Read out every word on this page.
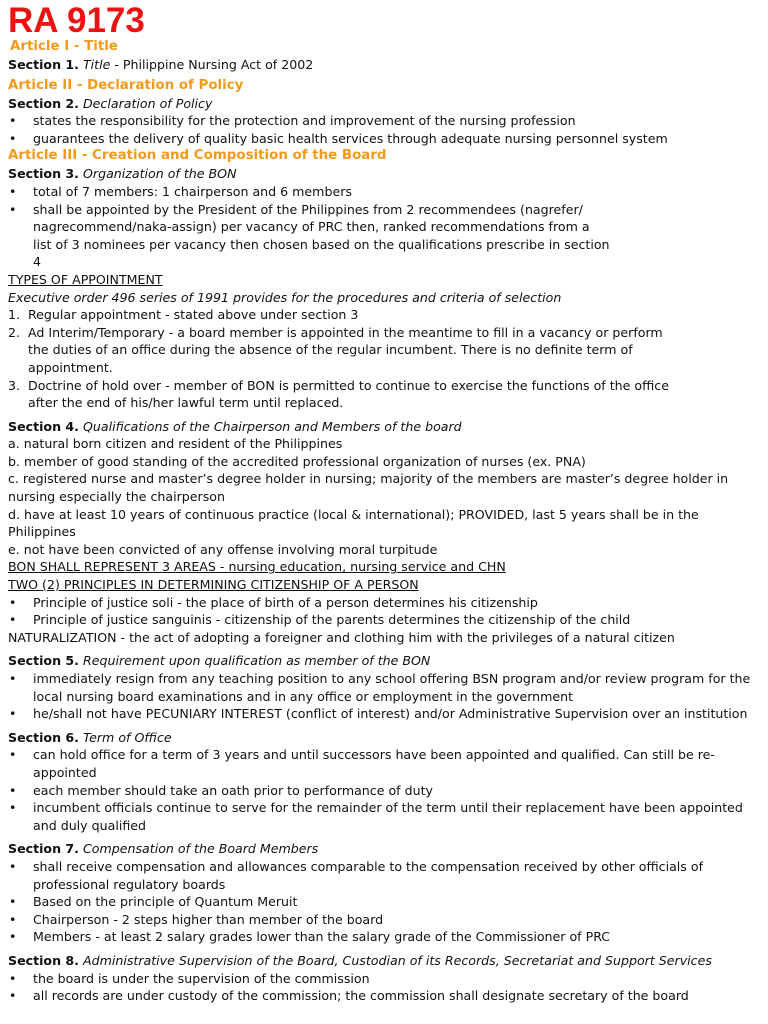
RA 9173
Article I - Title
Section 1. Title - Philippine Nursing Act of 2002
Article II - Declaration of Policy
Section 2. Declaration of Policy
•	states the responsibility for the protection and improvement of the nursing profession
•	guarantees the delivery of quality basic health services through adequate nursing personnel system
Article III - Creation and Composition of the Board
Section 3. Organization of the BON
•	total of 7 members: 1 chairperson and 6 members
•	shall be appointed by the President of the Philippines from 2 recommendees (nagrefer/ nagrecommend/naka-assign) per vacancy of PRC then, ranked recommendations from a list of 3 nominees per vacancy then chosen based on the qualifications prescribe in section 4
TYPES OF APPOINTMENT
Executive order 496 series of 1991 provides for the procedures and criteria of selection
1. Regular appointment - stated above under section 3
2. Ad Interim/Temporary - a board member is appointed in the meantime to fill in a vacancy or perform the duties of an office during the absence of the regular incumbent. There is no definite term of appointment.
3. Doctrine of hold over - member of BON is permitted to continue to exercise the functions of the office after the end of his/her lawful term until replaced.
Section 4. Qualifications of the Chairperson and Members of the board
a. natural born citizen and resident of the Philippines
b. member of good standing of the accredited professional organization of nurses (ex. PNA)
c. registered nurse and master’s degree holder in nursing; majority of the members are master’s degree holder in nursing especially the chairperson
d. have at least 10 years of continuous practice (local & international); PROVIDED, last 5 years shall be in the Philippines
e. not have been convicted of any offense involving moral turpitude
BON SHALL REPRESENT 3 AREAS - nursing education, nursing service and CHN
TWO (2) PRINCIPLES IN DETERMINING CITIZENSHIP OF A PERSON
•	Principle of justice soli - the place of birth of a person determines his citizenship
•	Principle of justice sanguinis - citizenship of the parents determines the citizenship of the child
NATURALIZATION - the act of adopting a foreigner and clothing him with the privileges of a natural citizen
Section 5. Requirement upon qualification as member of the BON
•	immediately resign from any teaching position to any school offering BSN program and/or review program for the local nursing board examinations and in any office or employment in the government
•	he/shall not have PECUNIARY INTEREST (conflict of interest) and/or Administrative Supervision over an institution
Section 6. Term of Office
•	can hold office for a term of 3 years and until successors have been appointed and qualified. Can still be re-appointed
•	each member should take an oath prior to performance of duty
•	incumbent officials continue to serve for the remainder of the term until their replacement have been appointed and duly qualified
Section 7. Compensation of the Board Members
•	shall receive compensation and allowances comparable to the compensation received by other officials of professional regulatory boards
•	Based on the principle of Quantum Meruit
•	Chairperson - 2 steps higher than member of the board
•	Members - at least 2 salary grades lower than the salary grade of the Commissioner of PRC
Section 8. Administrative Supervision of the Board, Custodian of its Records, Secretariat and Support Services
•	the board is under the supervision of the commission
•	all records are under custody of the commission; the commission shall designate secretary of the board
